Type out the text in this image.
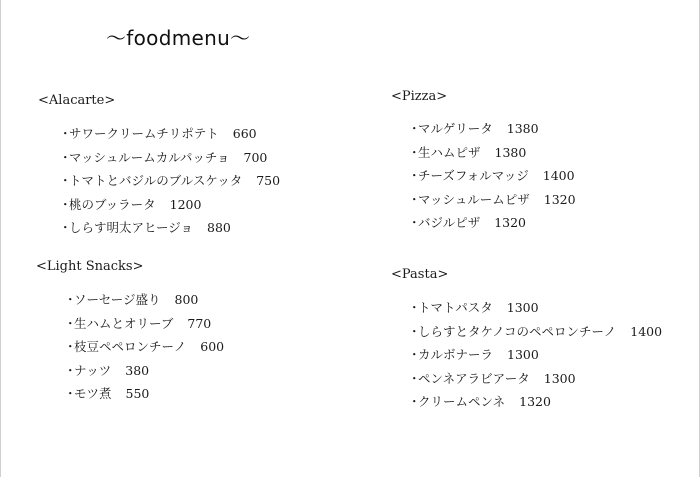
〜foodmenu〜
<Alacarte>
・サワークリームチリポテト 660
・マッシュルームカルパッチョ 700
・トマトとバジルのブルスケッタ 750
・桃のブッラータ 1200
・しらす明太アヒージョ 880
<Light Snacks>
・ソーセージ盛り 800
・生ハムとオリーブ 770
・枝豆ペペロンチーノ 600
・ナッツ 380
・モツ煮 550
<Pizza>
・マルゲリータ 1380
・生ハムピザ 1380
・チーズフォルマッジ 1400
・マッシュルームピザ 1320
・バジルピザ 1320
<Pasta>
・トマトパスタ 1300
・しらすとタケノコのペペロンチーノ 1400
・カルボナーラ 1300
・ペンネアラビアータ 1300
・クリームペンネ 1320
